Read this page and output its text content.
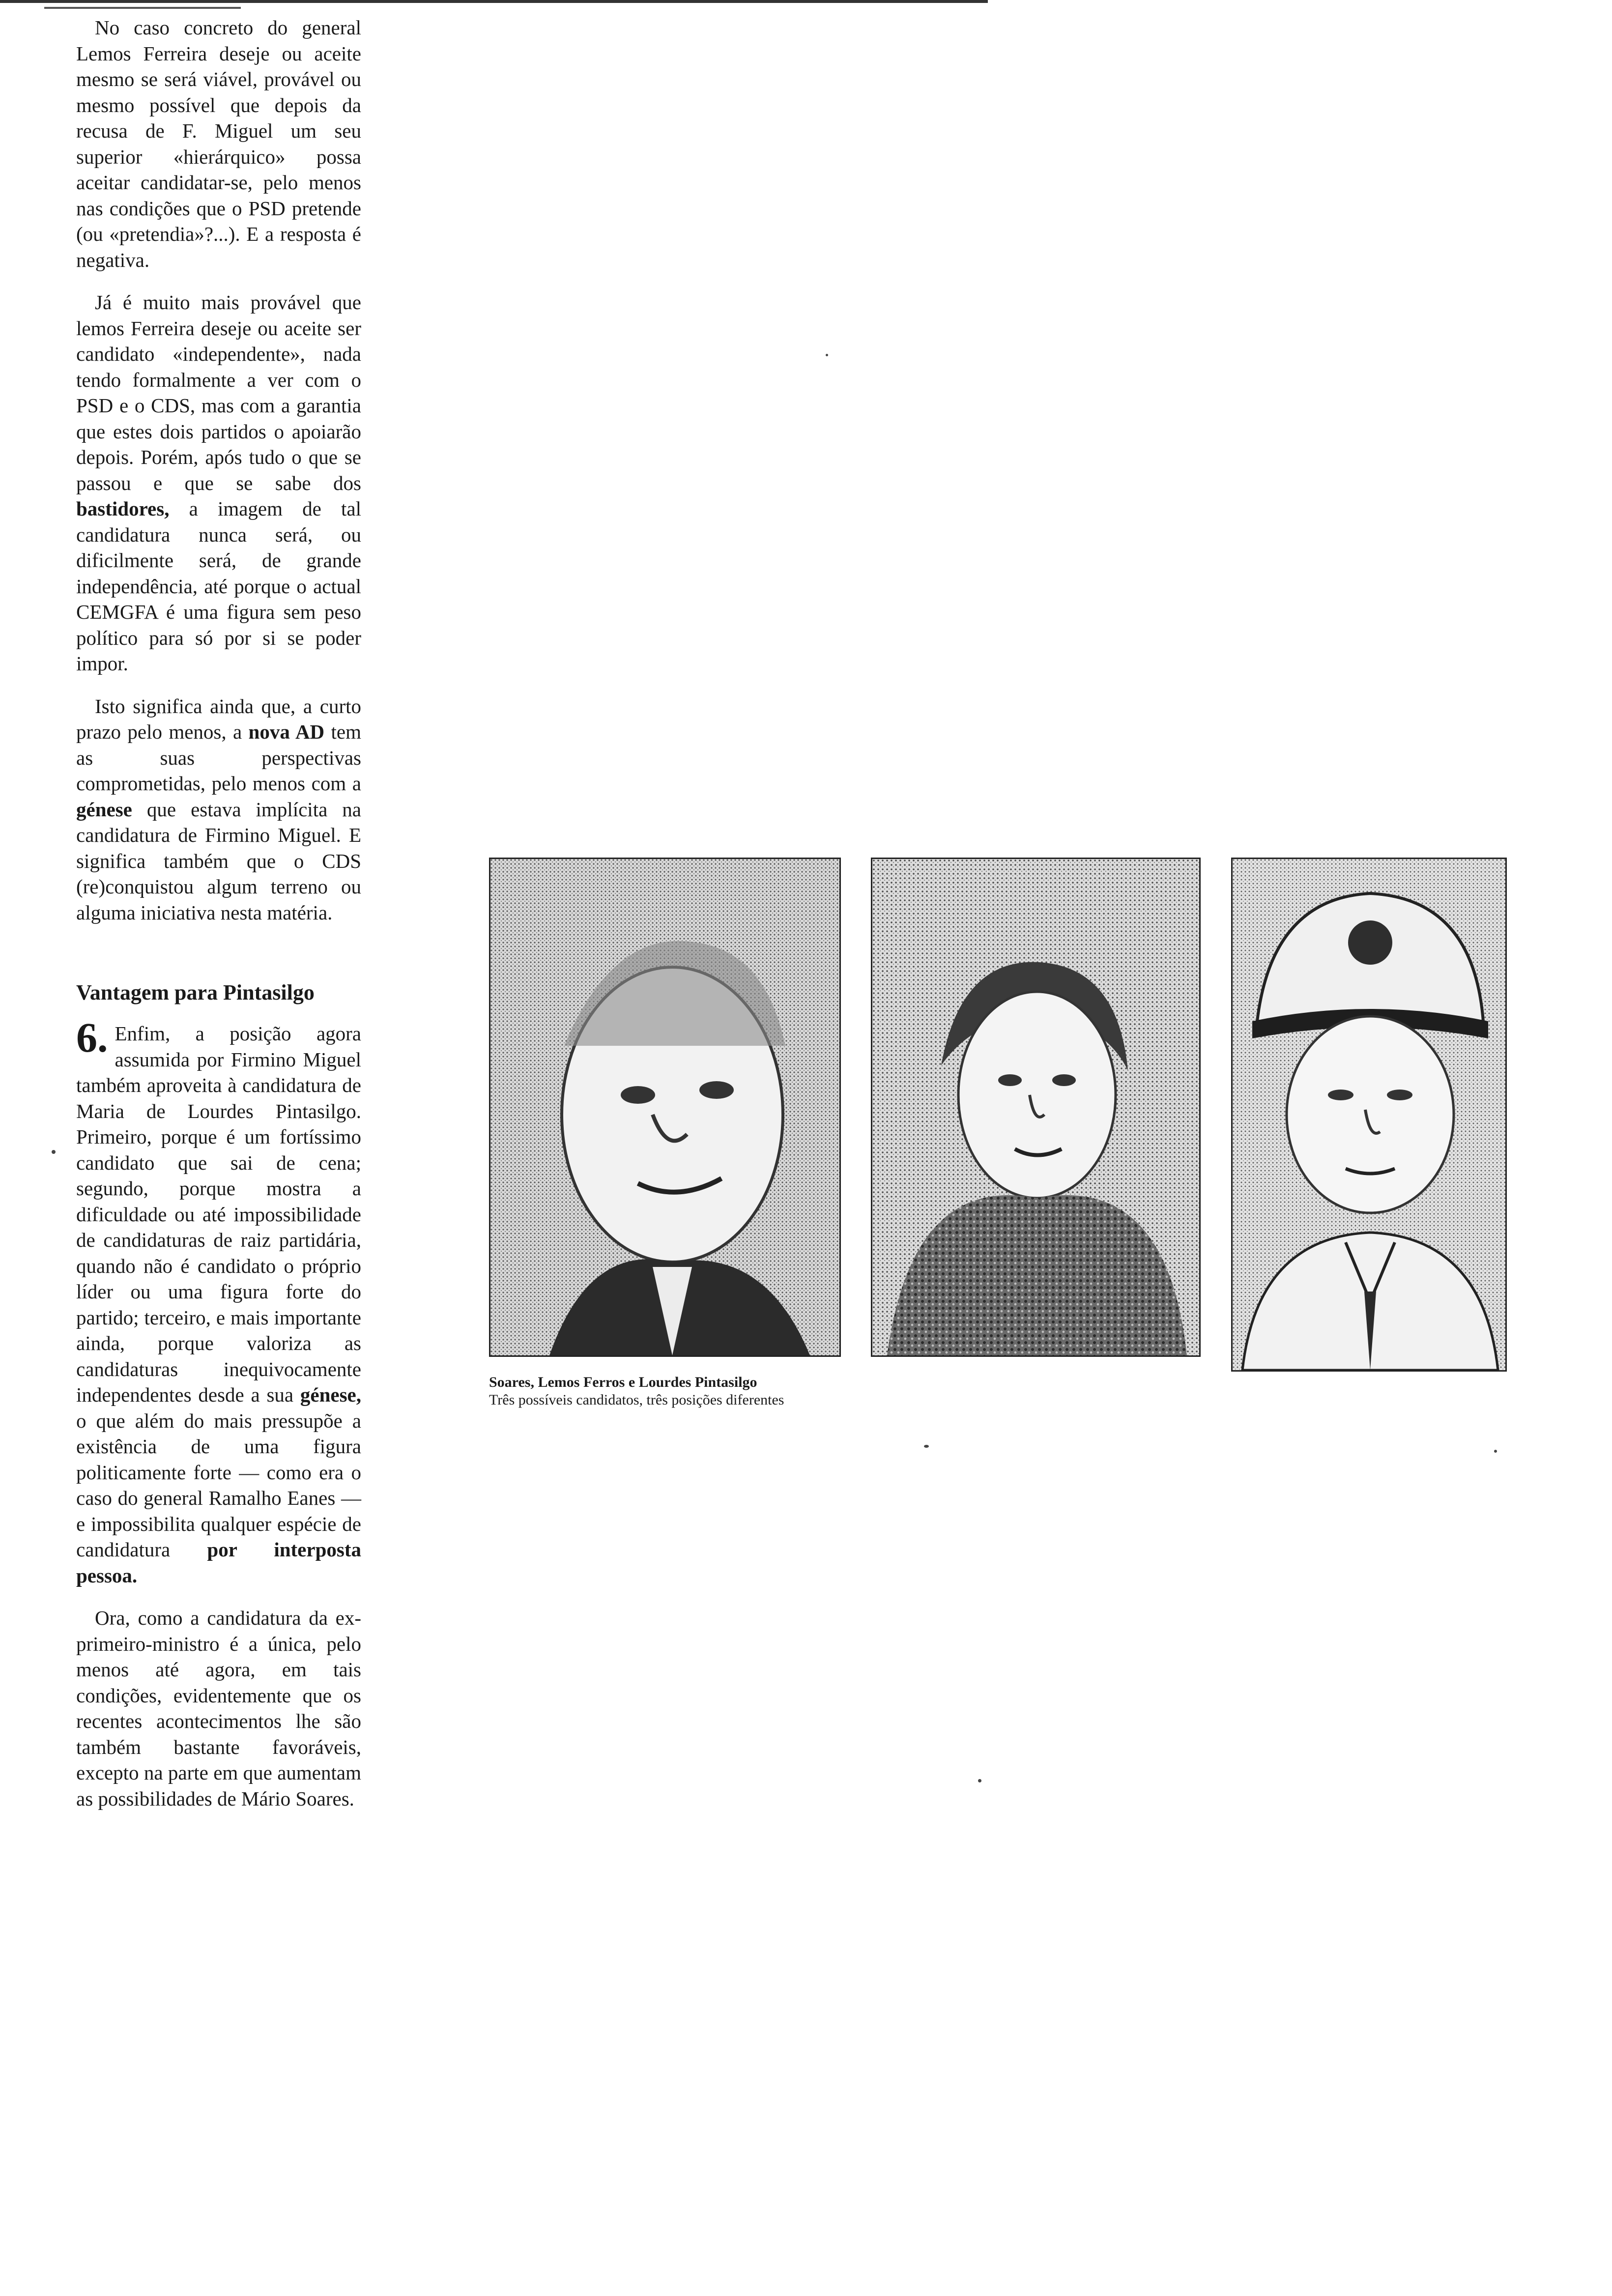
No caso concreto do general Lemos Ferreira deseje ou aceite mesmo se será viável, provável ou mesmo possível que depois da recusa de F. Miguel um seu superior «hierárquico» possa aceitar candidatar-se, pelo menos nas condições que o PSD pretende (ou «pretendia»?...). E a resposta é negativa.

Já é muito mais provável que lemos Ferreira deseje ou aceite ser candidato «independente», nada tendo formalmente a ver com o PSD e o CDS, mas com a garantia que estes dois partidos o apoiarão depois. Porém, após tudo o que se passou e que se sabe dos bastidores, a imagem de tal candidatura nunca será, ou dificilmente será, de grande independência, até porque o actual CEMGFA é uma figura sem peso político para só por si se poder impor.

Isto significa ainda que, a curto prazo pelo menos, a nova AD tem as suas perspectivas comprometidas, pelo menos com a génese que estava implícita na candidatura de Firmino Miguel. E significa também que o CDS (re)conquistou algum terreno ou alguma iniciativa nesta matéria.

Vantagem para Pintasilgo

6. Enfim, a posição agora assumida por Firmino Miguel também aproveita à candidatura de Maria de Lourdes Pintasilgo. Primeiro, porque é um fortíssimo candidato que sai de cena; segundo, porque mostra a dificuldade ou até impossibilidade de candidaturas de raiz partidária, quando não é candidato o próprio líder ou uma figura forte do partido; terceiro, e mais importante ainda, porque valoriza as candidaturas inequivocamente independentes desde a sua génese, o que além do mais pressupõe a existência de uma figura politicamente forte — como era o caso do general Ramalho Eanes — e impossibilita qualquer espécie de candidatura por interposta pessoa.

Ora, como a candidatura da ex-primeiro-ministro é a única, pelo menos até agora, em tais condições, evidentemente que os recentes acontecimentos lhe são também bastante favoráveis, excepto na parte em que aumentam as possibilidades de Mário Soares.

Soares, Lemos Ferros e Lourdes Pintasilgo
Três possíveis candidatos, três posições diferentes
